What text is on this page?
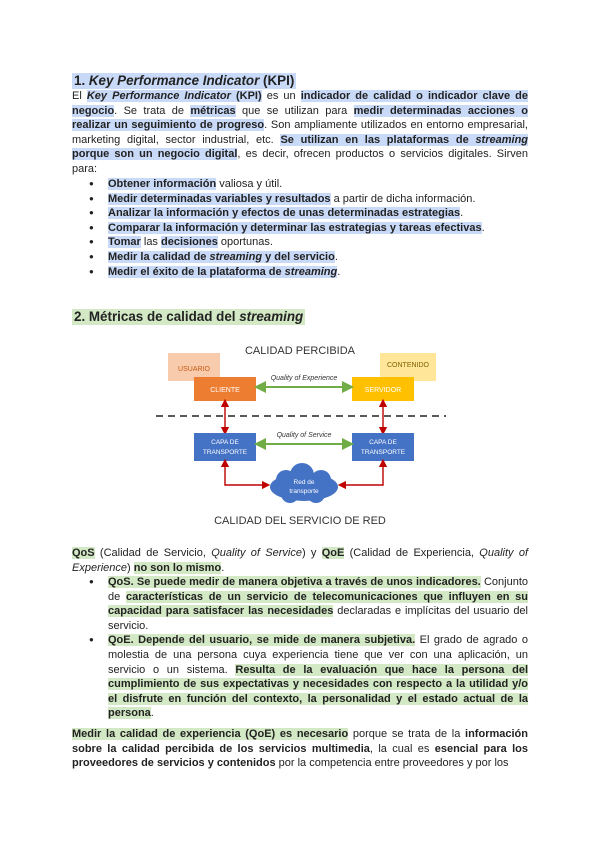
1. Key Performance Indicator (KPI)

El Key Performance Indicator (KPI) es un indicador de calidad o indicador clave de negocio. Se trata de métricas que se utilizan para medir determinadas acciones o realizar un seguimiento de progreso. Son ampliamente utilizados en entorno empresarial, marketing digital, sector industrial, etc. Se utilizan en las plataformas de streaming porque son un negocio digital, es decir, ofrecen productos o servicios digitales. Sirven para:

● Obtener información valiosa y útil.
● Medir determinadas variables y resultados a partir de dicha información.
● Analizar la información y efectos de unas determinadas estrategias.
● Comparar la información y determinar las estrategias y tareas efectivas.
● Tomar las decisiones oportunas.
● Medir la calidad de streaming y del servicio.
● Medir el éxito de la plataforma de streaming.
2. Métricas de calidad del streaming
CALIDAD PERCIBIDA
USUARIO
CONTENIDO
CLIENTE	SERVIDOR
Quality of Experience
CAPA DE
TRANSPORTE
CAPA DE
TRANSPORTE
Quality of Service
Red de
transporte
CALIDAD DEL SERVICIO DE RED

QoS (Calidad de Servicio, Quality of Service) y QoE (Calidad de Experiencia, Quality of Experience) no son lo mismo.

● QoS. Se puede medir de manera objetiva a través de unos indicadores. Conjunto de características de un servicio de telecomunicaciones que influyen en su capacidad para satisfacer las necesidades declaradas e implícitas del usuario del servicio.
● QoE. Depende del usuario, se mide de manera subjetiva. El grado de agrado o molestia de una persona cuya experiencia tiene que ver con una aplicación, un servicio o un sistema. Resulta de la evaluación que hace la persona del cumplimiento de sus expectativas y necesidades con respecto a la utilidad y/o el disfrute en función del contexto, la personalidad y el estado actual de la persona.

Medir la calidad de experiencia (QoE) es necesario porque se trata de la información sobre la calidad percibida de los servicios multimedia, la cual es esencial para los proveedores de servicios y contenidos por la competencia entre proveedores y por los
